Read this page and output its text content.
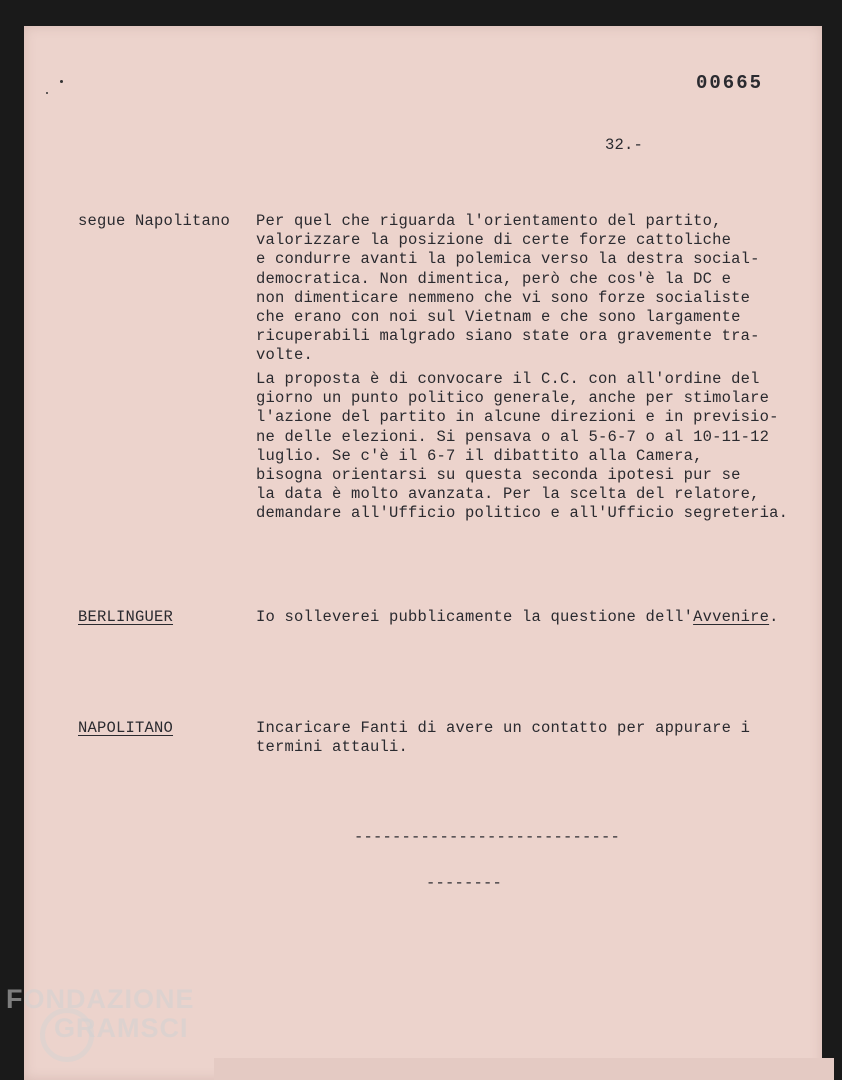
00665
32.-
segue Napolitano Per quel che riguarda l'orientamento del partito,
valorizzare la posizione di certe forze cattoliche
e condurre avanti la polemica verso la destra social-
democratica. Non dimentica, però che cos'è la DC e
non dimenticare nemmeno che vi sono forze socialiste
che erano con noi sul Vietnam e che sono largamente
ricuperabili malgrado siano state ora gravemente tra-
volte.
La proposta è di convocare il C.C. con all'ordine del
giorno un punto politico generale, anche per stimolare
l'azione del partito in alcune direzioni e in previsio-
ne delle elezioni. Si pensava o al 5-6-7 o al 10-11-12
luglio. Se c'è il 6-7 il dibattito alla Camera,
bisogna orientarsi su questa seconda ipotesi pur se
la data è molto avanzata. Per la scelta del relatore,
demandare all'Ufficio politico e all'Ufficio segreteria.
BERLINGUER	Io solleverei pubblicamente la questione dell'Avvenire.
NAPOLITANO	Incaricare Fanti di avere un contatto per appurare i
termini attauli.
----------------------------
--------
FONDAZIONE
GRAMSCI
